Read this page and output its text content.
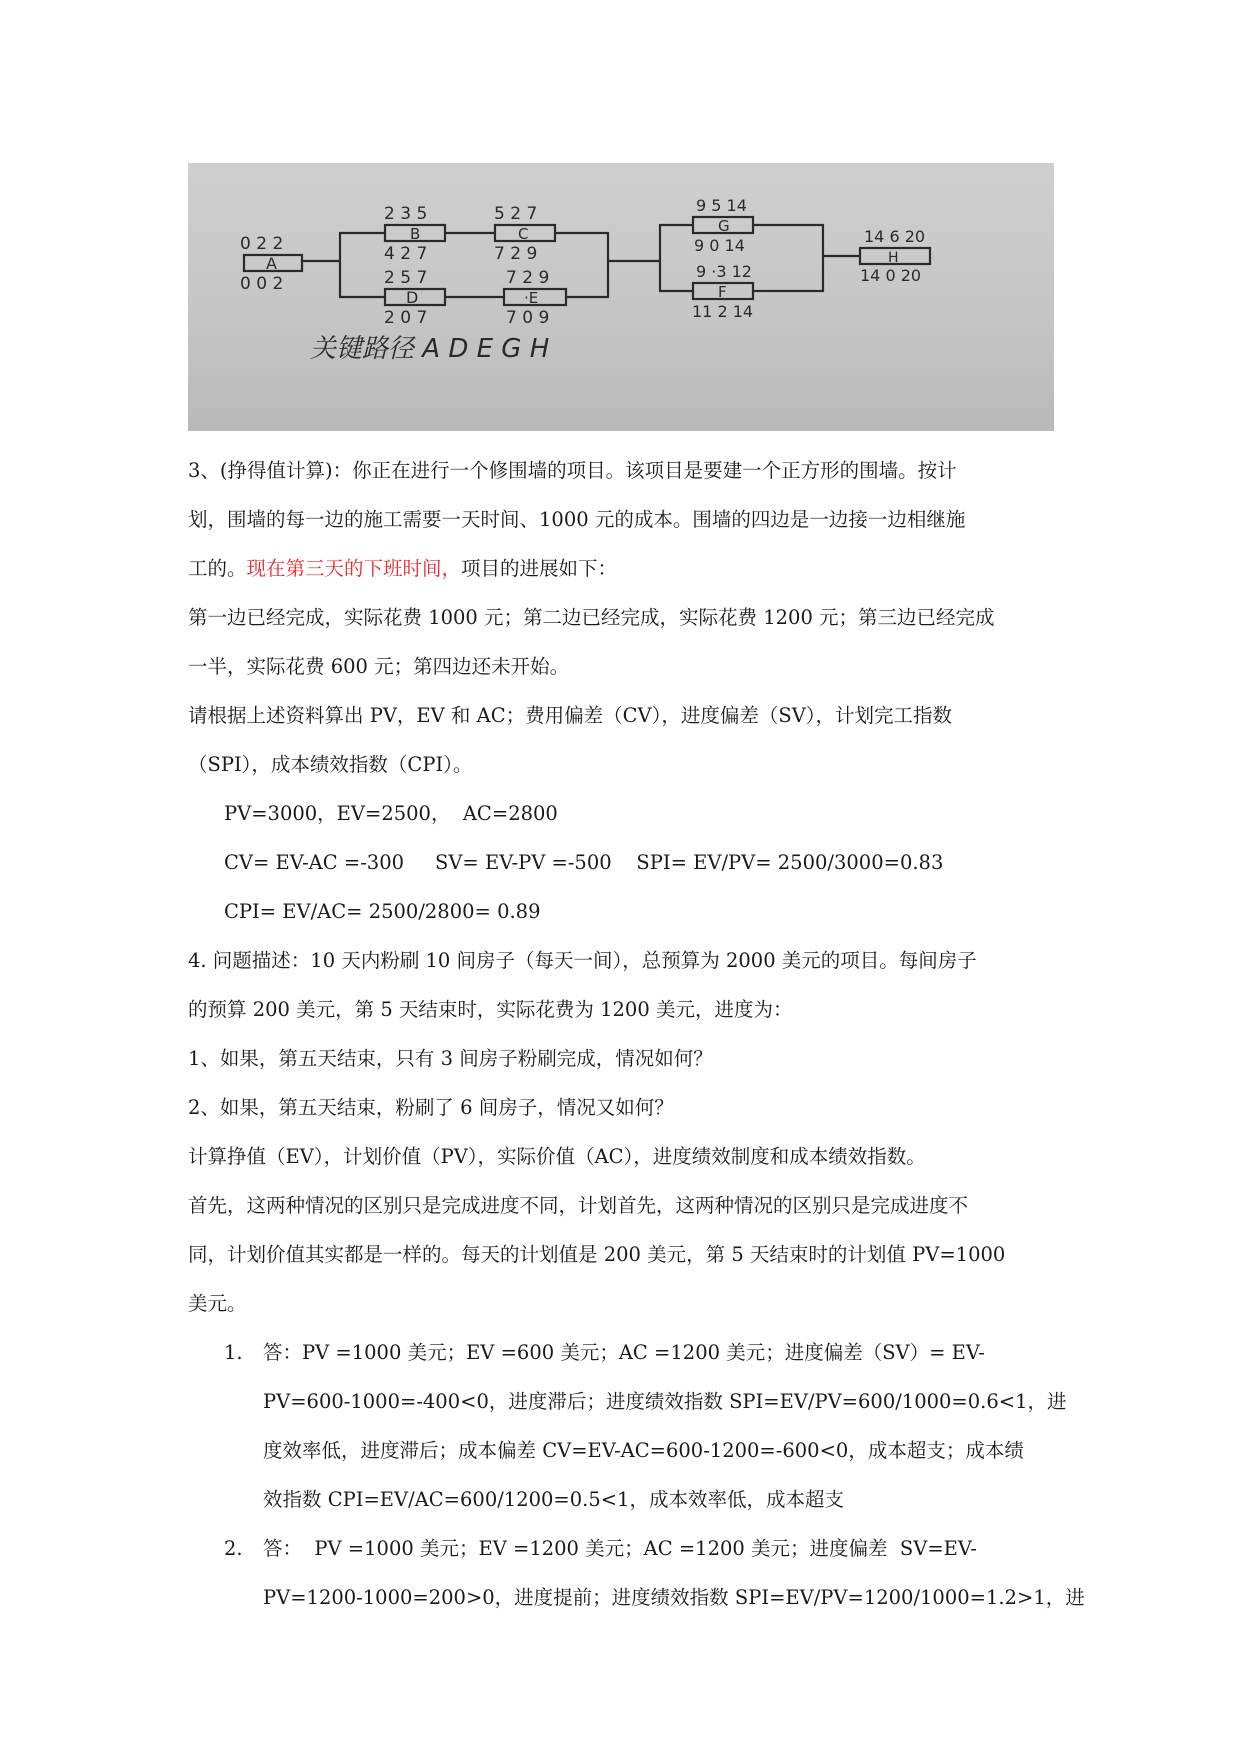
0 2 2
A
0 0 2
2 3 5
B
4 2 7
5 2 7
C
7 2 9
2 5 7
D
2 0 7
7 2 9
·E
7 0 9
9 5 14
G
9 0 14
9 ·3 12
F
11 2 14
14 6 20
H
14 0 20
关键路径 A D E G H

3、(挣得值计算)：你正在进行一个修围墙的项目。该项目是要建一个正方形的围墙。按计

划，围墙的每一边的施工需要一天时间、1000 元的成本。围墙的四边是一边接一边相继施

工的。现在第三天的下班时间，项目的进展如下：

第一边已经完成，实际花费 1000 元；第二边已经完成，实际花费 1200 元；第三边已经完成

一半，实际花费 600 元；第四边还未开始。

请根据上述资料算出 PV，EV 和 AC；费用偏差（CV），进度偏差（SV），计划完工指数

（SPI），成本绩效指数（CPI）。

PV=3000，EV=2500，  AC=2800

CV= EV-AC =-300     SV= EV-PV =-500    SPI= EV/PV= 2500/3000=0.83

CPI= EV/AC= 2500/2800= 0.89

4. 问题描述：10 天内粉刷 10 间房子（每天一间），总预算为 2000 美元的项目。每间房子

的预算 200 美元，第 5 天结束时，实际花费为 1200 美元，进度为：

1、如果，第五天结束，只有 3 间房子粉刷完成，情况如何？

2、如果，第五天结束，粉刷了 6 间房子，情况又如何？

计算挣值（EV），计划价值（PV），实际价值（AC），进度绩效制度和成本绩效指数。

首先，这两种情况的区别只是完成进度不同，计划首先，这两种情况的区别只是完成进度不

同，计划价值其实都是一样的。每天的计划值是 200 美元，第 5 天结束时的计划值 PV=1000

美元。

1. 答：PV =1000 美元；EV =600 美元；AC =1200 美元；进度偏差（SV）= EV-

PV=600-1000=-400<0，进度滞后；进度绩效指数 SPI=EV/PV=600/1000=0.6<1，进

度效率低，进度滞后；成本偏差 CV=EV-AC=600-1200=-600<0，成本超支；成本绩

效指数 CPI=EV/AC=600/1200=0.5<1，成本效率低，成本超支

2. 答：  PV =1000 美元；EV =1200 美元；AC =1200 美元；进度偏差  SV=EV-

PV=1200-1000=200>0，进度提前；进度绩效指数 SPI=EV/PV=1200/1000=1.2>1，进
